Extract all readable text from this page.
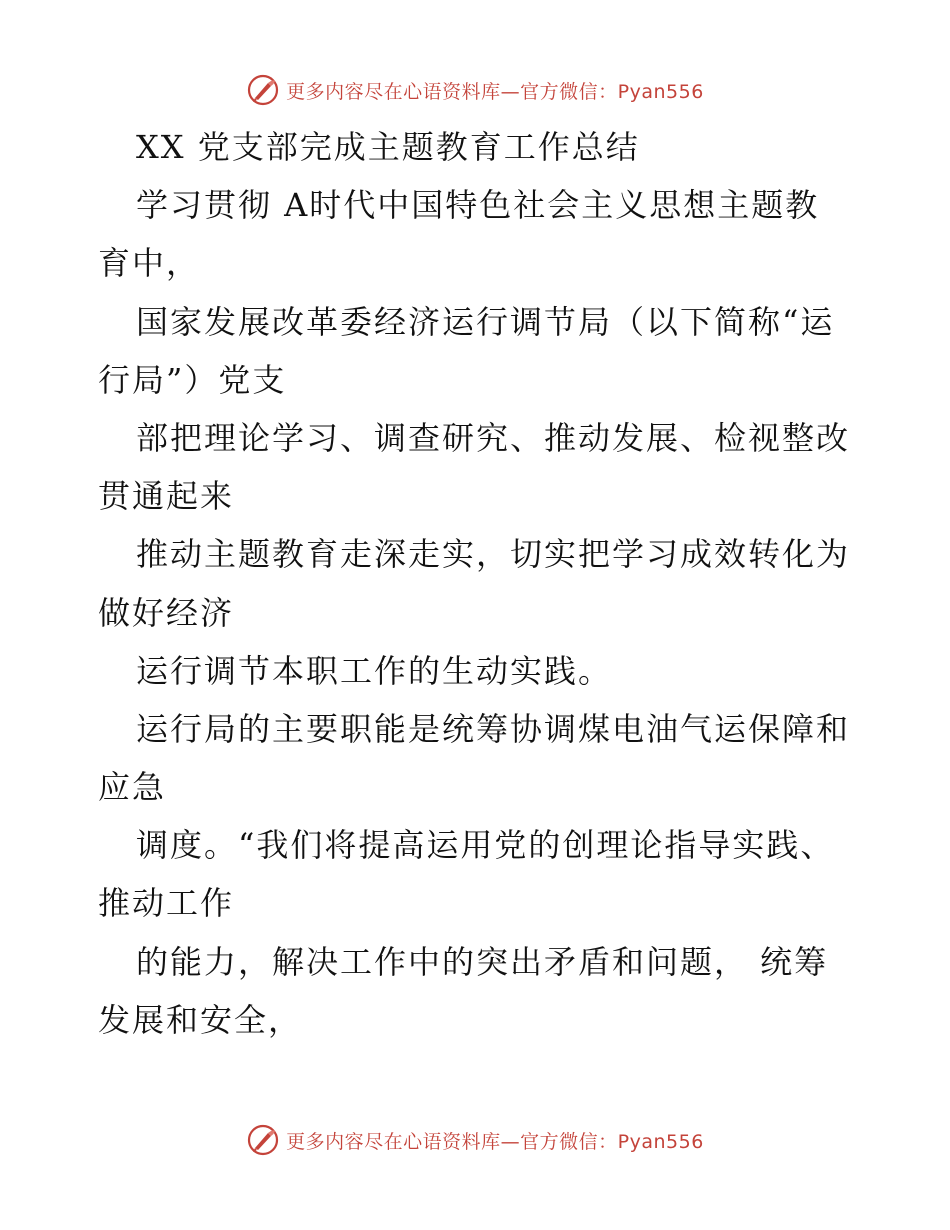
更多内容尽在心语资料库—官方微信：Pyan556
XX 党支部完成主题教育工作总结
学习贯彻 A时代中国特色社会主义思想主题教
育中，
国家发展改革委经济运行调节局（以下简称“运
行局”）党支
部把理论学习、调查研究、推动发展、检视整改
贯通起来
推动主题教育走深走实，切实把学习成效转化为
做好经济
运行调节本职工作的生动实践。
运行局的主要职能是统筹协调煤电油气运保障和
应急
调度。“我们将提高运用党的创理论指导实践、
推动工作
的能力，解决工作中的突出矛盾和问题， 统筹
发展和安全，
更多内容尽在心语资料库—官方微信：Pyan556
